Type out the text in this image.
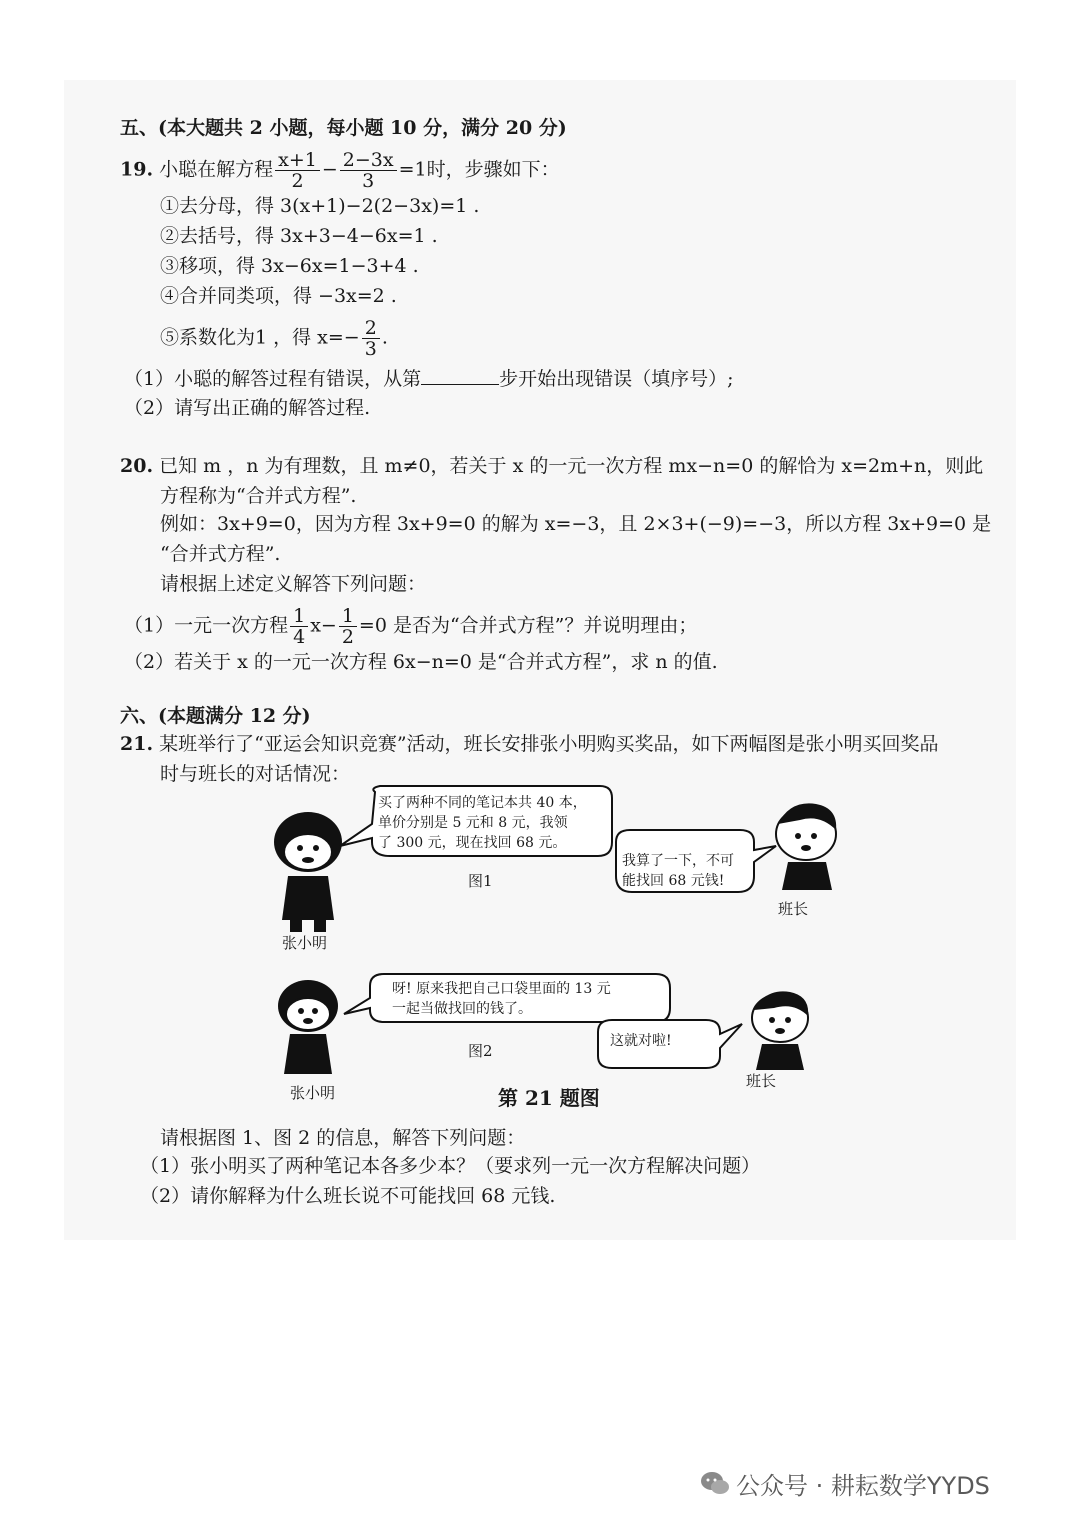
五、(本大题共 2 小题，每小题 10 分，满分 20 分)
19. 小聪在解方程 $\frac{x+1}{2} - \frac{2-3x}{3} =1$时，步骤如下：
①去分母，得 3(x+1)−2(2−3x)=1 .
②去括号，得 3x+3−4−6x=1 .
③移项，得 3x−6x=1−3+4 .
④合并同类项，得 −3x=2 .
⑤系数化为1 ，得 $x=- \frac{2}{3}$ .
（1）小聪的解答过程有错误，从第	步开始出现错误（填序号）;
（2）请写出正确的解答过程.
20. 已知 m ，n 为有理数，且 m≠0，若关于 x 的一元一次方程 mx−n=0 的解恰为 x=2m+n，则此
方程称为“合并式方程”.
例如：3x+9=0，因为方程 3x+9=0 的解为 x=−3，且 2×3+(−9)=−3，所以方程 3x+9=0 是
“合并式方程”.
请根据上述定义解答下列问题：
（1）一元一次方程 $\frac{1}{4} x- \frac{1}{2} =0$ 是否为“合并式方程”？并说明理由；
（2）若关于 x 的一元一次方程 6x−n=0 是“合并式方程”，求 n 的值.
六、(本题满分 12 分)
21. 某班举行了“亚运会知识竞赛”活动，班长安排张小明购买奖品，如下两幅图是张小明买回奖品
时与班长的对话情况：
买了两种不同的笔记本共 40 本，
单价分别是 5 元和 8 元，我领
了 300 元，现在找回 68 元。
我算了一下，不可
能找回 68 元钱!
图1
张小明
班长
呀! 原来我把自己口袋里面的 13 元
一起当做找回的钱了。
这就对啦!
图2
张小明
班长
第 21 题图
请根据图 1、图 2 的信息，解答下列问题：
（1）张小明买了两种笔记本各多少本？（要求列一元一次方程解决问题）
（2）请你解释为什么班长说不可能找回 68 元钱.
公众号 · 耕耘数学YYDS
